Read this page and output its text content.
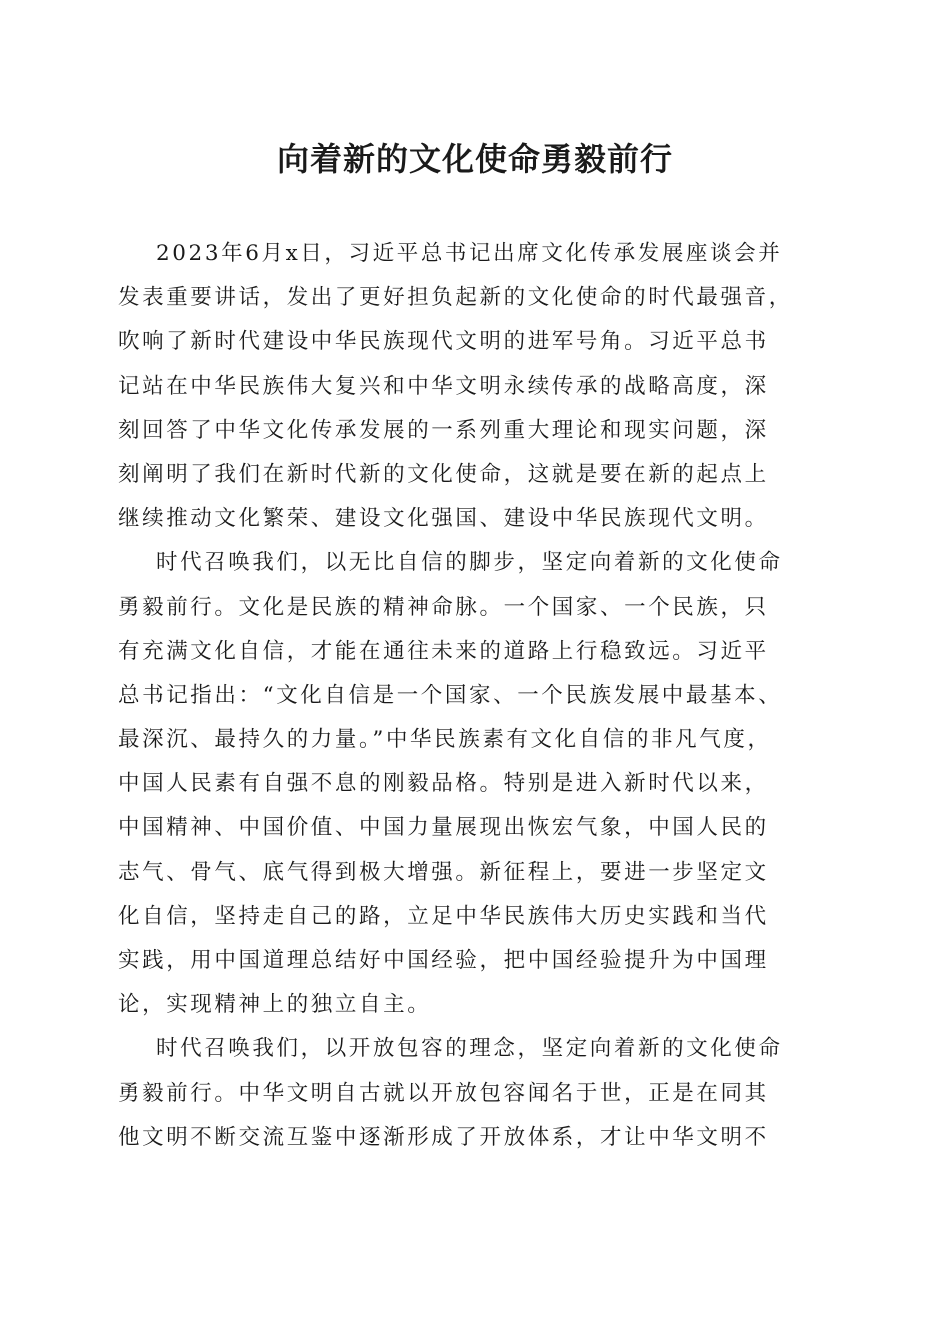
向着新的文化使命勇毅前行
2023年6月x日，习近平总书记出席文化传承发展座谈会并
发表重要讲话，发出了更好担负起新的文化使命的时代最强音，
吹响了新时代建设中华民族现代文明的进军号角。习近平总书
记站在中华民族伟大复兴和中华文明永续传承的战略高度，深
刻回答了中华文化传承发展的一系列重大理论和现实问题，深
刻阐明了我们在新时代新的文化使命，这就是要在新的起点上
继续推动文化繁荣、建设文化强国、建设中华民族现代文明。
时代召唤我们，以无比自信的脚步，坚定向着新的文化使命
勇毅前行。文化是民族的精神命脉。一个国家、一个民族，只
有充满文化自信，才能在通往未来的道路上行稳致远。习近平
总书记指出：“文化自信是一个国家、一个民族发展中最基本、
最深沉、最持久的力量。”中华民族素有文化自信的非凡气度，
中国人民素有自强不息的刚毅品格。特别是进入新时代以来，
中国精神、中国价值、中国力量展现出恢宏气象，中国人民的
志气、骨气、底气得到极大增强。新征程上，要进一步坚定文
化自信，坚持走自己的路，立足中华民族伟大历史实践和当代
实践，用中国道理总结好中国经验，把中国经验提升为中国理
论，实现精神上的独立自主。
时代召唤我们，以开放包容的理念，坚定向着新的文化使命
勇毅前行。中华文明自古就以开放包容闻名于世，正是在同其
他文明不断交流互鉴中逐渐形成了开放体系，才让中华文明不
